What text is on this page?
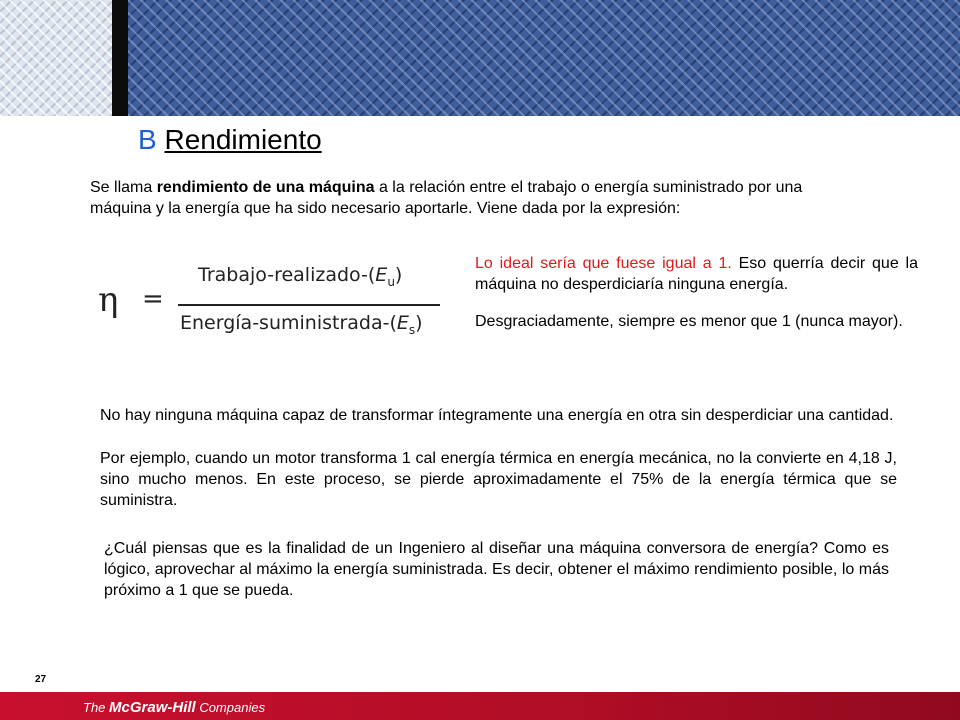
B Rendimiento
Se llama rendimiento de una máquina a la relación entre el trabajo o energía suministrado por una máquina y la energía que ha sido necesario aportarle. Viene dada por la expresión:
η =
Trabajo-$realizado-(E_u)$
Energía-$suministrada-(E_s)$
Lo ideal sería que fuese igual a 1. Eso querría decir que la máquina no desperdiciaría ninguna energía.
Desgraciadamente, siempre es menor que 1 (nunca mayor).
No hay ninguna máquina capaz de transformar íntegramente una energía en otra sin desperdiciar una cantidad.
Por ejemplo, cuando un motor transforma 1 cal energía térmica en energía mecánica, no la convierte en 4,18 J, sino mucho menos. En este proceso, se pierde aproximadamente el 75% de la energía térmica que se suministra.
¿Cuál piensas que es la finalidad de un Ingeniero al diseñar una máquina conversora de energía? Como es lógico, aprovechar al máximo la energía suministrada. Es decir, obtener el máximo rendimiento posible, lo más próximo a 1 que se pueda.
27
The McGraw-Hill Companies
